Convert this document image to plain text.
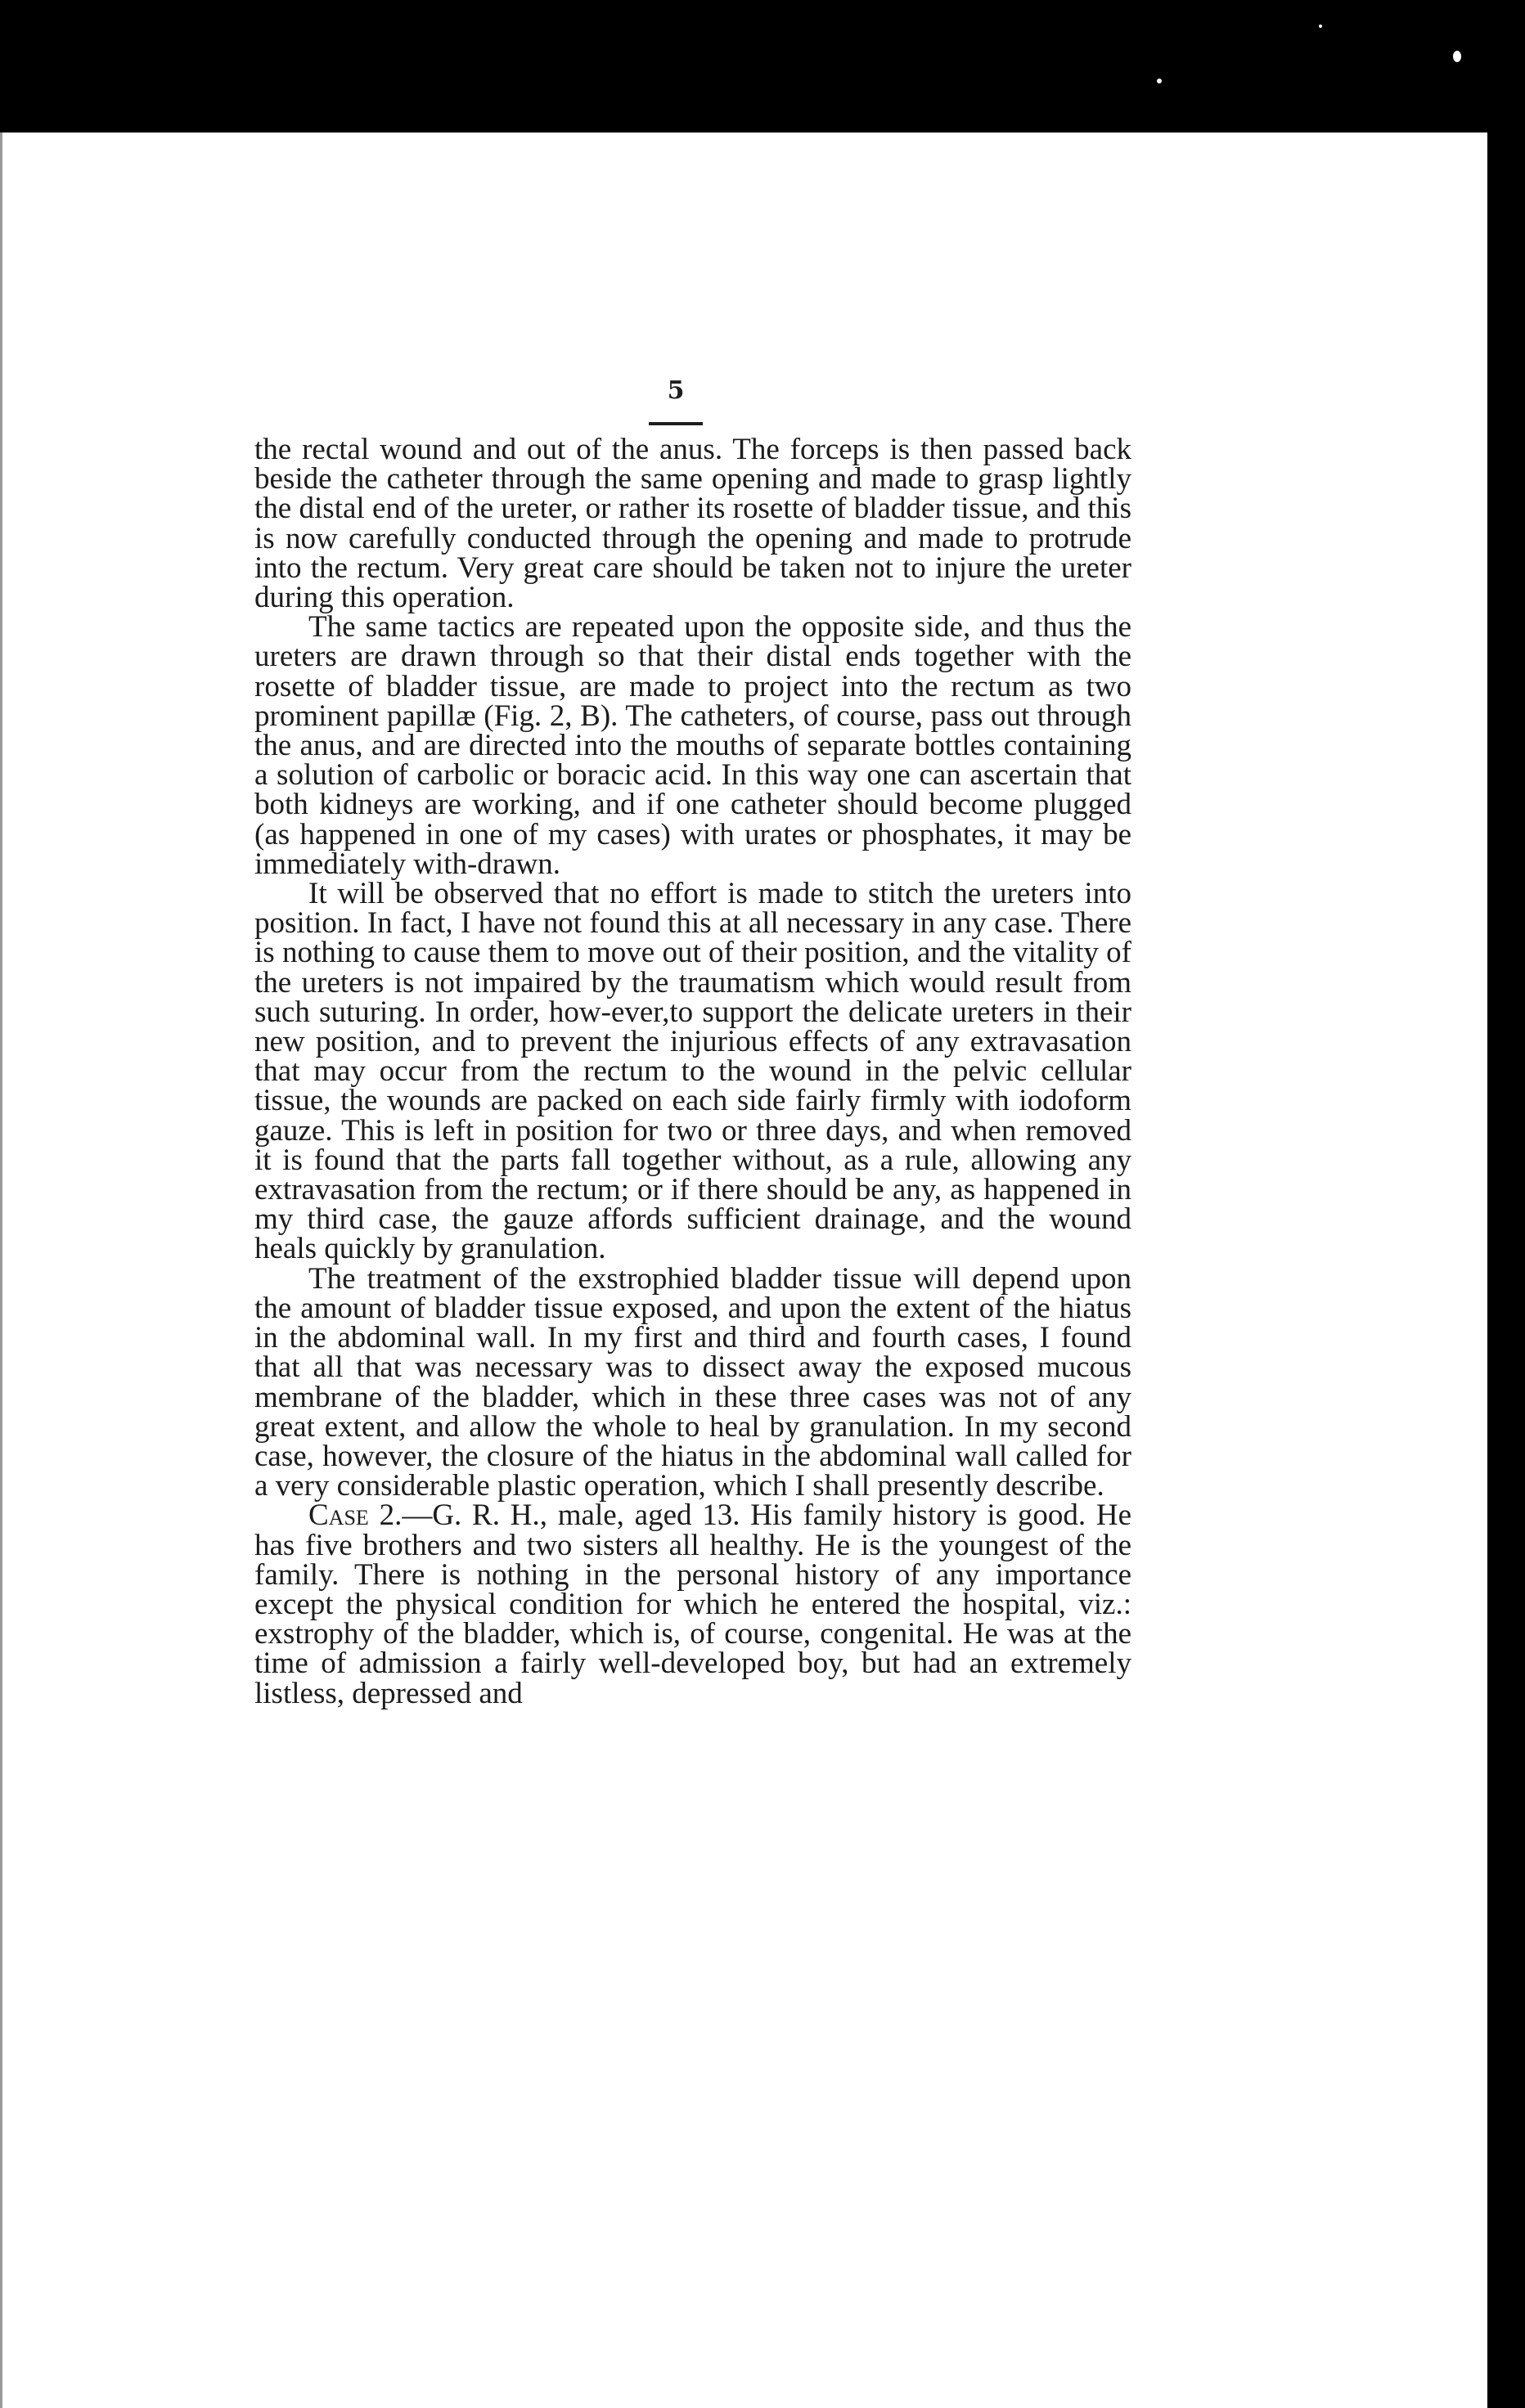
5

the rectal wound and out of the anus. The forceps is then passed back beside the catheter through the same opening and made to grasp lightly the distal end of the ureter, or rather its rosette of bladder tissue, and this is now carefully conducted through the opening and made to protrude into the rectum. Very great care should be taken not to injure the ureter during this operation.

The same tactics are repeated upon the opposite side, and thus the ureters are drawn through so that their distal ends together with the rosette of bladder tissue, are made to project into the rectum as two prominent papillæ (Fig. 2, B). The catheters, of course, pass out through the anus, and are directed into the mouths of separate bottles containing a solution of carbolic or boracic acid. In this way one can ascertain that both kidneys are working, and if one catheter should become plugged (as happened in one of my cases) with urates or phosphates, it may be immediately with-drawn.

It will be observed that no effort is made to stitch the ureters into position. In fact, I have not found this at all necessary in any case. There is nothing to cause them to move out of their position, and the vitality of the ureters is not impaired by the traumatism which would result from such suturing. In order, how-ever,to support the delicate ureters in their new position, and to prevent the injurious effects of any extravasation that may occur from the rectum to the wound in the pelvic cellular tissue, the wounds are packed on each side fairly firmly with iodoform gauze. This is left in position for two or three days, and when removed it is found that the parts fall together without, as a rule, allowing any extravasation from the rectum; or if there should be any, as happened in my third case, the gauze affords sufficient drainage, and the wound heals quickly by granulation.

The treatment of the exstrophied bladder tissue will depend upon the amount of bladder tissue exposed, and upon the extent of the hiatus in the abdominal wall. In my first and third and fourth cases, I found that all that was necessary was to dissect away the exposed mucous membrane of the bladder, which in these three cases was not of any great extent, and allow the whole to heal by granulation. In my second case, however, the closure of the hiatus in the abdominal wall called for a very considerable plastic operation, which I shall presently describe.

Case 2.—G. R. H., male, aged 13. His family history is good. He has five brothers and two sisters all healthy. He is the youngest of the family. There is nothing in the personal history of any importance except the physical condition for which he entered the hospital, viz.: exstrophy of the bladder, which is, of course, congenital. He was at the time of admission a fairly well-developed boy, but had an extremely listless, depressed and
